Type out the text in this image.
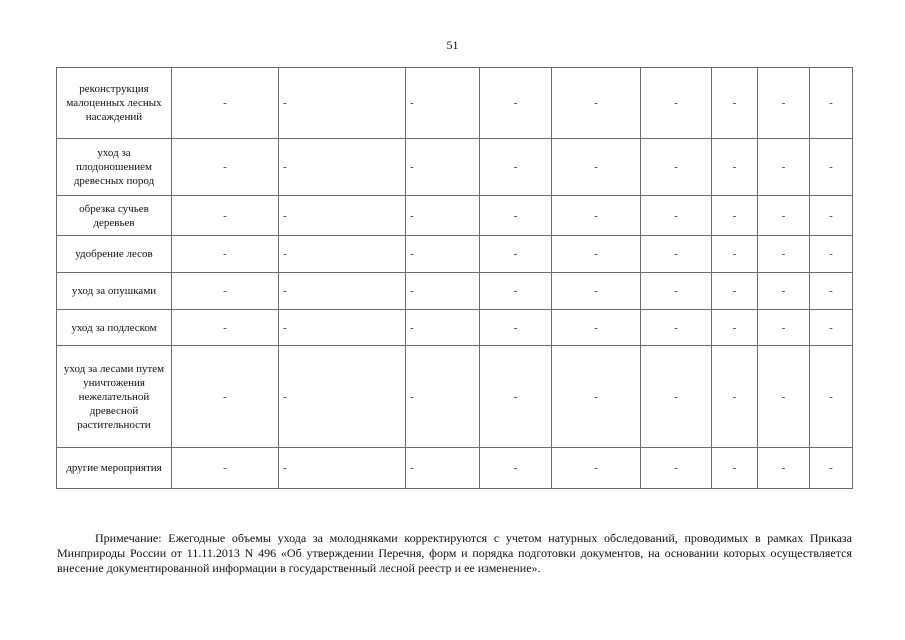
51
реконструкция малоценных лесных насаждений	-	-	-	-	-	-	-	-	-
уход за плодоношением древесных пород	-	-	-	-	-	-	-	-	-
обрезка сучьев деревьев	-	-	-	-	-	-	-	-	-
удобрение лесов	-	-	-	-	-	-	-	-	-
уход за опушками	-	-	-	-	-	-	-	-	-
уход за подлеском	-	-	-	-	-	-	-	-	-
уход за лесами путем уничтожения нежелательной древесной растительности	-	-	-	-	-	-	-	-	-
другие мероприятия	-	-	-	-	-	-	-	-	-

Примечание: Ежегодные объемы ухода за молодняками корректируются с учетом натурных обследований, проводимых в рамках Приказа Минприроды России от 11.11.2013 N 496 «Об утверждении Перечня, форм и порядка подготовки документов, на основании которых осуществляется внесение документированной информации в государственный лесной реестр и ее изменение».
